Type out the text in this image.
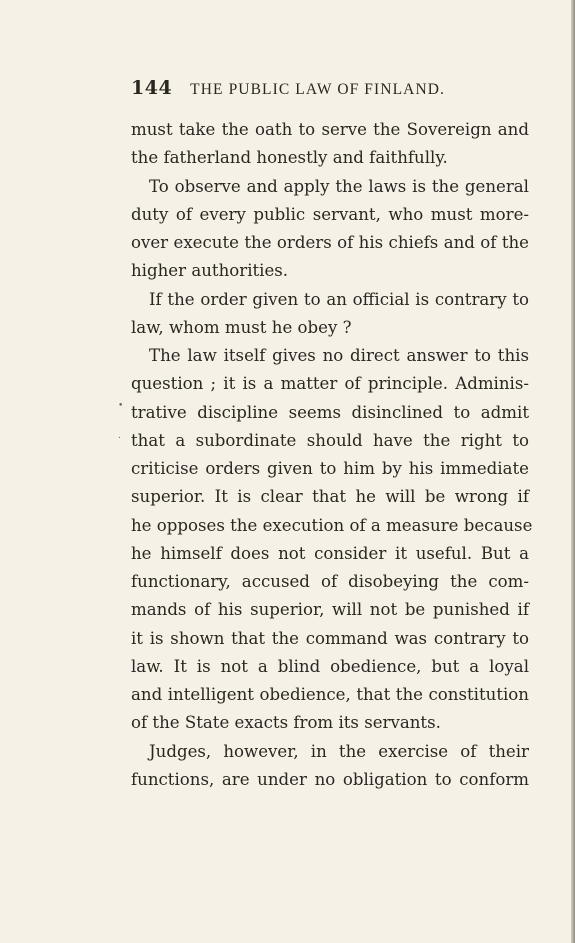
144 THE PUBLIC LAW OF FINLAND.
•
.
must take the oath to serve the Sovereign and
the fatherland honestly and faithfully.
To observe and apply the laws is the general
duty of every public servant, who must more-
over execute the orders of his chiefs and of the
higher authorities.
If the order given to an official is contrary to
law, whom must he obey ?
The law itself gives no direct answer to this
question ; it is a matter of principle. Adminis-
trative discipline seems disinclined to admit
that a subordinate should have the right to
criticise orders given to him by his immediate
superior. It is clear that he will be wrong if
he opposes the execution of a measure because
he himself does not consider it useful. But a
functionary, accused of disobeying the com-
mands of his superior, will not be punished if
it is shown that the command was contrary to
law. It is not a blind obedience, but a loyal
and intelligent obedience, that the constitution
of the State exacts from its servants.
Judges, however, in the exercise of their
functions, are under no obligation to conform
